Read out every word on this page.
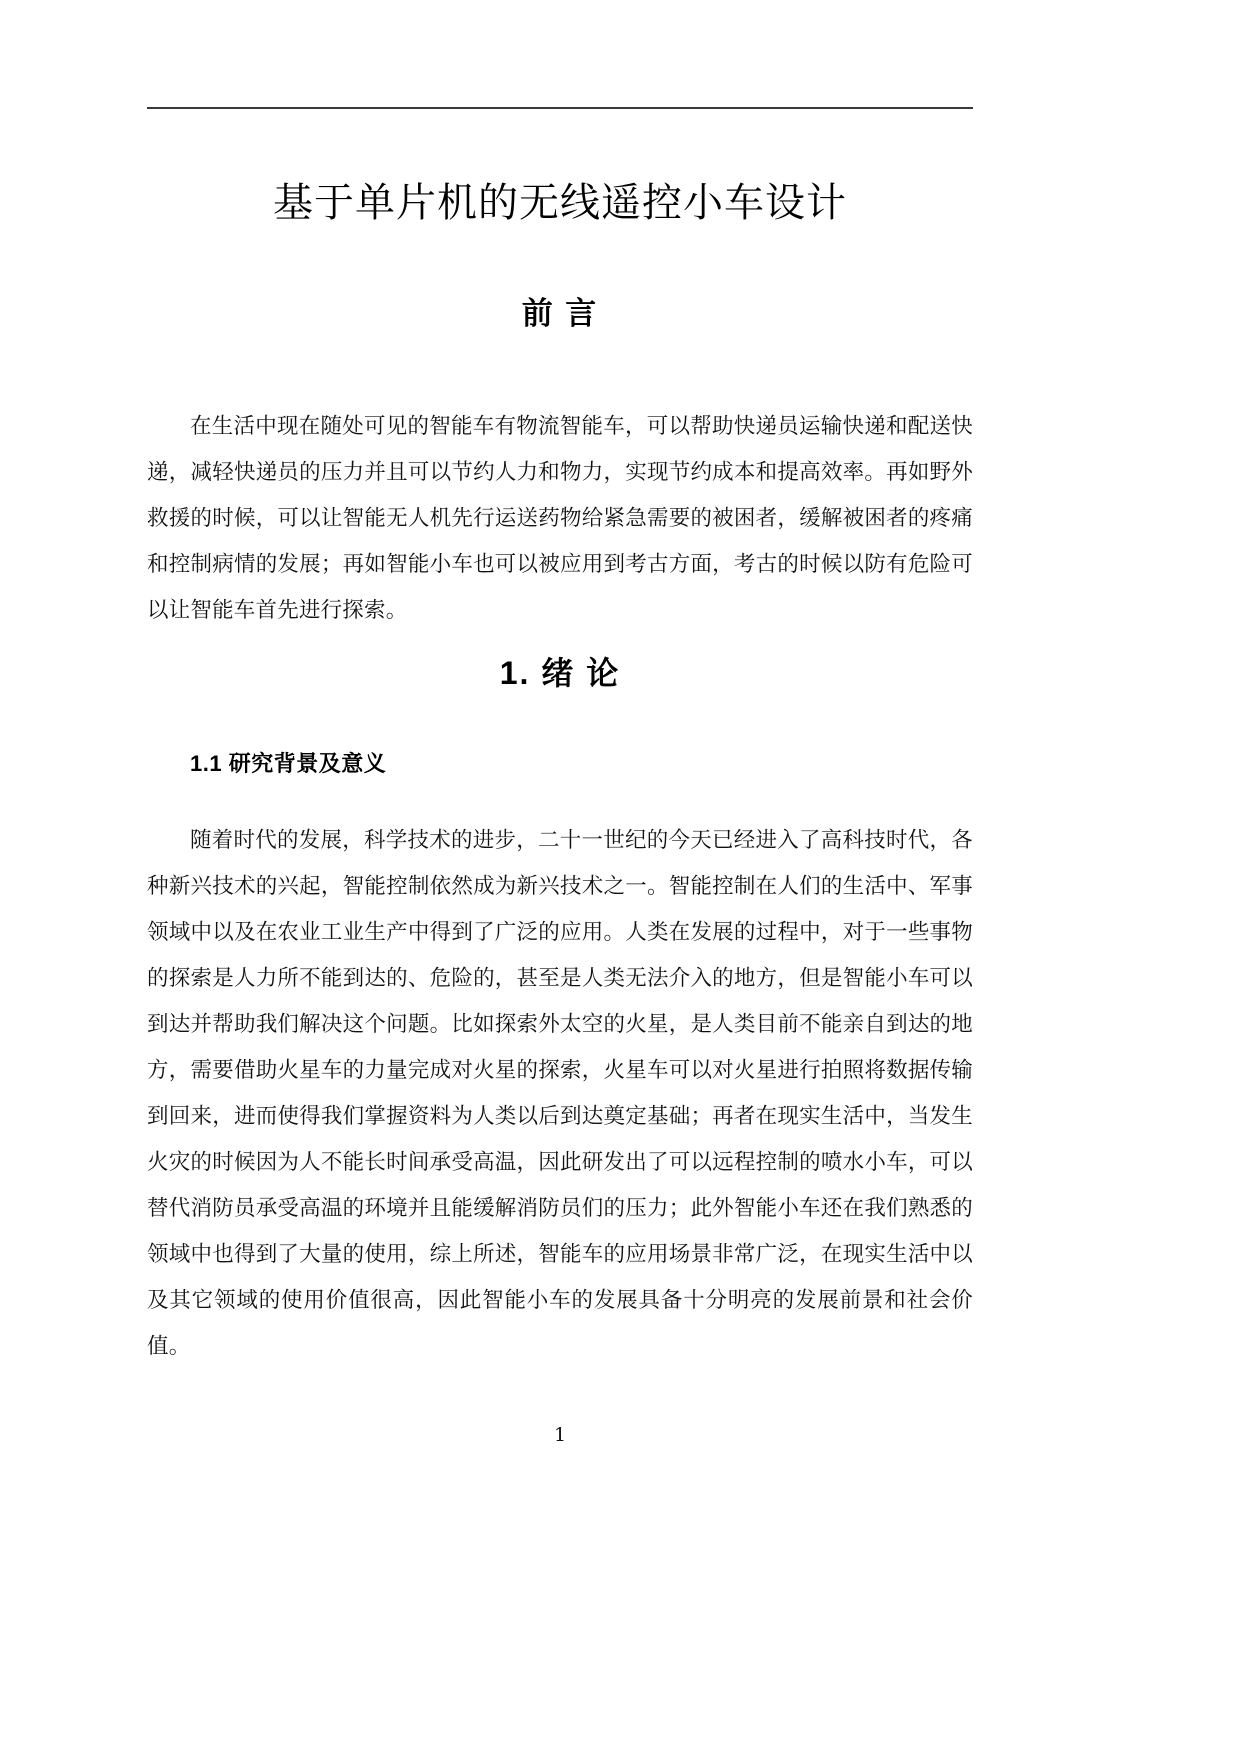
基于单片机的无线遥控小车设计
前 言

在生活中现在随处可见的智能车有物流智能车，可以帮助快递员运输快递和配送快递，减轻快递员的压力并且可以节约人力和物力，实现节约成本和提高效率。再如野外救援的时候，可以让智能无人机先行运送药物给紧急需要的被困者，缓解被困者的疼痛和控制病情的发展；再如智能小车也可以被应用到考古方面，考古的时候以防有危险可以让智能车首先进行探索。

1. 绪 论
1.1 研究背景及意义

随着时代的发展，科学技术的进步，二十一世纪的今天已经进入了高科技时代，各种新兴技术的兴起，智能控制依然成为新兴技术之一。智能控制在人们的生活中、军事领域中以及在农业工业生产中得到了广泛的应用。人类在发展的过程中，对于一些事物的探索是人力所不能到达的、危险的，甚至是人类无法介入的地方，但是智能小车可以到达并帮助我们解决这个问题。比如探索外太空的火星，是人类目前不能亲自到达的地方，需要借助火星车的力量完成对火星的探索，火星车可以对火星进行拍照将数据传输到回来，进而使得我们掌握资料为人类以后到达奠定基础；再者在现实生活中，当发生火灾的时候因为人不能长时间承受高温，因此研发出了可以远程控制的喷水小车，可以替代消防员承受高温的环境并且能缓解消防员们的压力；此外智能小车还在我们熟悉的领域中也得到了大量的使用，综上所述，智能车的应用场景非常广泛，在现实生活中以及其它领域的使用价值很高，因此智能小车的发展具备十分明亮的发展前景和社会价值。

1
